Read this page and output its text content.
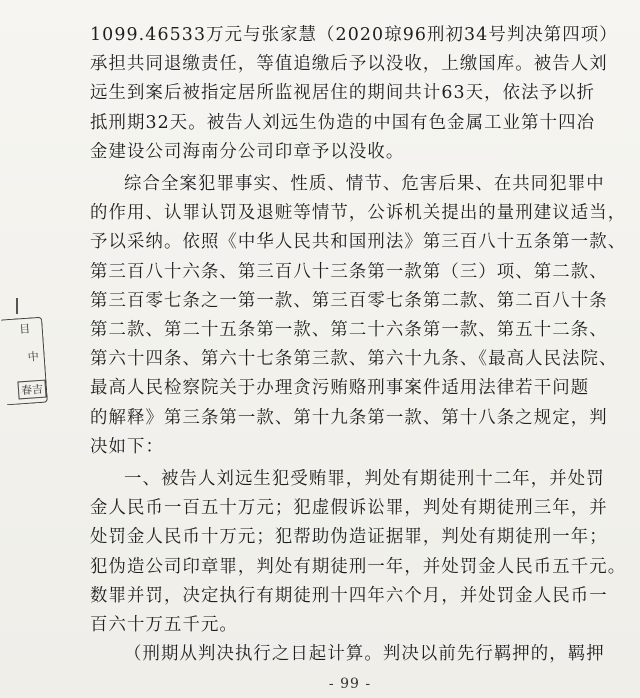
目
中
春吉
1099.46533万元与张家慧（2020琼96刑初34号判决第四项）
承担共同退缴责任，等值追缴后予以没收，上缴国库。被告人刘
远生到案后被指定居所监视居住的期间共计63天，依法予以折
抵刑期32天。被告人刘远生伪造的中国有色金属工业第十四冶
金建设公司海南分公司印章予以没收。
综合全案犯罪事实、性质、情节、危害后果、在共同犯罪中
的作用、认罪认罚及退赃等情节，公诉机关提出的量刑建议适当，
予以采纳。依照《中华人民共和国刑法》第三百八十五条第一款、
第三百八十六条、第三百八十三条第一款第（三）项、第二款、
第三百零七条之一第一款、第三百零七条第二款、第二百八十条
第二款、第二十五条第一款、第二十六条第一款、第五十二条、
第六十四条、第六十七条第三款、第六十九条、《最高人民法院、
最高人民检察院关于办理贪污贿赂刑事案件适用法律若干问题
的解释》第三条第一款、第十九条第一款、第十八条之规定，判
决如下：
一、被告人刘远生犯受贿罪，判处有期徒刑十二年，并处罚
金人民币一百五十万元；犯虚假诉讼罪，判处有期徒刑三年，并
处罚金人民币十万元；犯帮助伪造证据罪，判处有期徒刑一年；
犯伪造公司印章罪，判处有期徒刑一年，并处罚金人民币五千元。
数罪并罚，决定执行有期徒刑十四年六个月，并处罚金人民币一
百六十万五千元。
（刑期从判决执行之日起计算。判决以前先行羁押的，羁押
- 99 -
